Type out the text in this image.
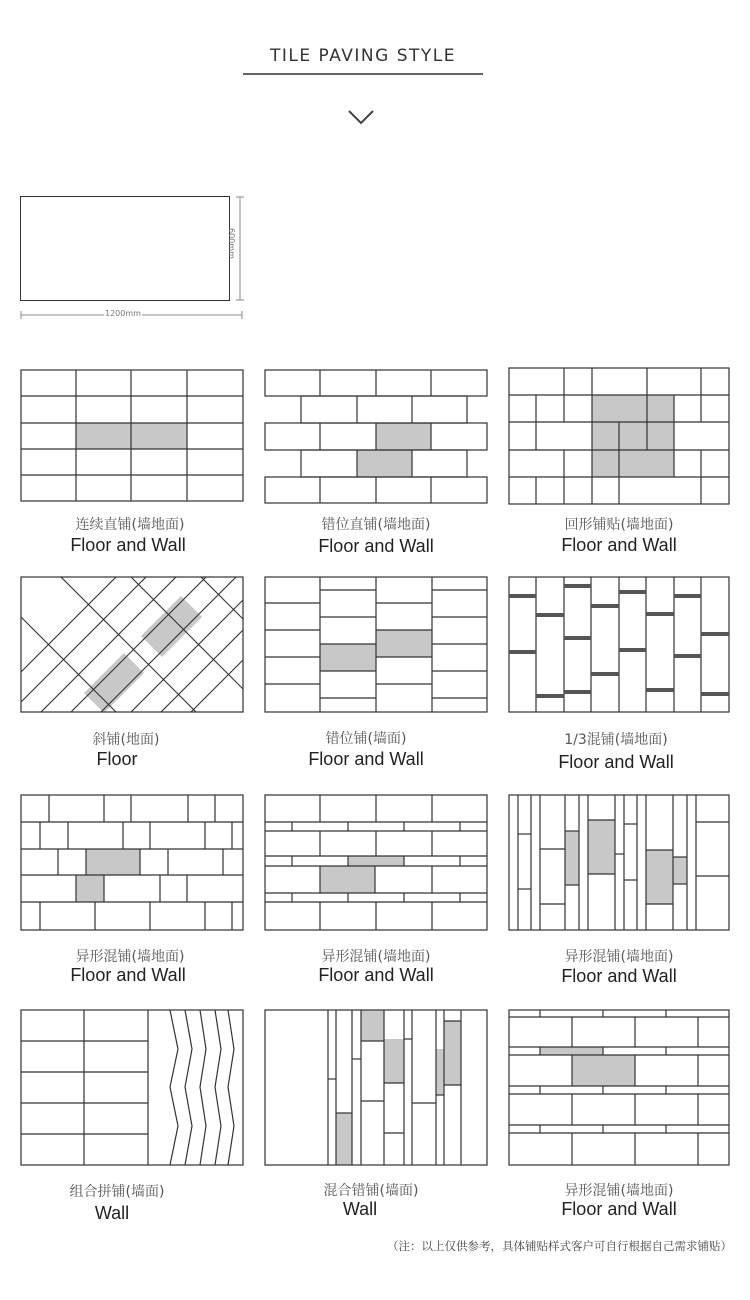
TILE PAVING STYLE
600mm
1200mm
连续直铺(墙地面)
Floor and Wall
错位直铺(墙地面)
Floor and Wall
回形铺贴(墙地面)
Floor and Wall
斜铺(地面)
Floor
错位铺(墙面)
Floor and Wall
1/3混铺(墙地面)
Floor and Wall
异形混铺(墙地面)
Floor and Wall
异形混铺(墙地面)
Floor and Wall
异形混铺(墙地面)
Floor and Wall
组合拼铺(墙面)
Wall
混合错铺(墙面)
Wall
异形混铺(墙地面)
Floor and Wall
（注：以上仅供参考，具体铺贴样式客户可自行根据自己需求铺贴）
